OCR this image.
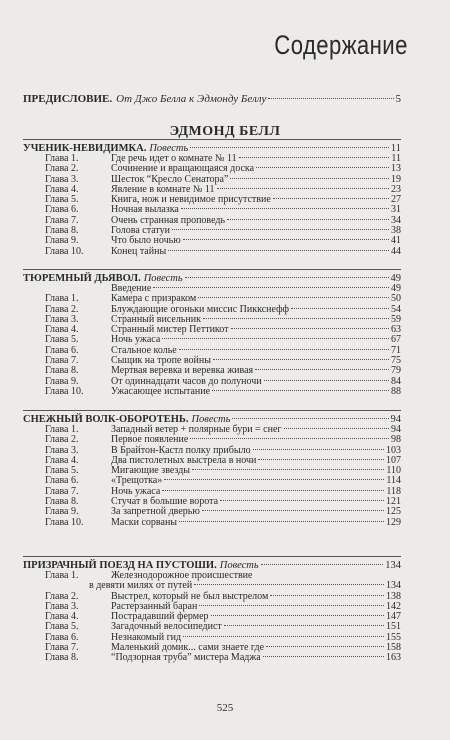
Содержание
ПРЕДИСЛОВИЕ. От Джо Белла к Эдмонду Беллу	5
ЭДМОНД БЕЛЛ
УЧЕНИК-НЕВИДИМКА. Повесть	11
Глава 1.	Где речь идет о комнате № 11	11
Глава 2.	Сочинение и вращающаяся доска	13
Глава 3.	Шесток “Кресло Сенатора”	19
Глава 4.	Явление в комнате № 11	23
Глава 5.	Книга, нож и невидимое присутствие	27
Глава 6.	Ночная вылазка	31
Глава 7.	Очень странная проповедь	34
Глава 8.	Голова статуи	38
Глава 9.	Что было ночью	41
Глава 10.	Конец тайны	44
ТЮРЕМНЫЙ ДЬЯВОЛ. Повесть	49
Введение	49
Глава 1.	Камера с призраком	50
Глава 2.	Блуждающие огоньки миссис Пиккснефф	54
Глава 3.	Странный висельник	59
Глава 4.	Странный мистер Петтикот	63
Глава 5.	Ночь ужаса	67
Глава 6.	Стальное колье	71
Глава 7.	Сыщик на тропе войны	75
Глава 8.	Мертвая веревка и веревка живая	79
Глава 9.	От одиннадцати часов до полуночи	84
Глава 10.	Ужасающее испытание	88
СНЕЖНЫЙ ВОЛК-ОБОРОТЕНЬ. Повесть	94
Глава 1.	Западный ветер + полярные бури = снег	94
Глава 2.	Первое появление	98
Глава 3.	В Брайтон-Кастл полку прибыло	103
Глава 4.	Два пистолетных выстрела в ночи	107
Глава 5.	Мигающие звезды	110
Глава 6.	«Трещотка»	114
Глава 7.	Ночь ужаса	118
Глава 8.	Стучат в большие ворота	121
Глава 9.	За запретной дверью	125
Глава 10.	Маски сорваны	129
ПРИЗРАЧНЫЙ ПОЕЗД НА ПУСТОШИ. Повесть	134
Глава 1.	Железнодорожное происшествие
в девяти милях от путей	134
Глава 2.	Выстрел, который не был выстрелом	138
Глава 3.	Растерзанный баран	142
Глава 4.	Пострадавший фермер	147
Глава 5.	Загадочный велосипедист	151
Глава 6.	Незнакомый гид	155
Глава 7.	Маленький домик... сами знаете где	158
Глава 8.	“Подзорная труба” мистера Маджа	163
525
